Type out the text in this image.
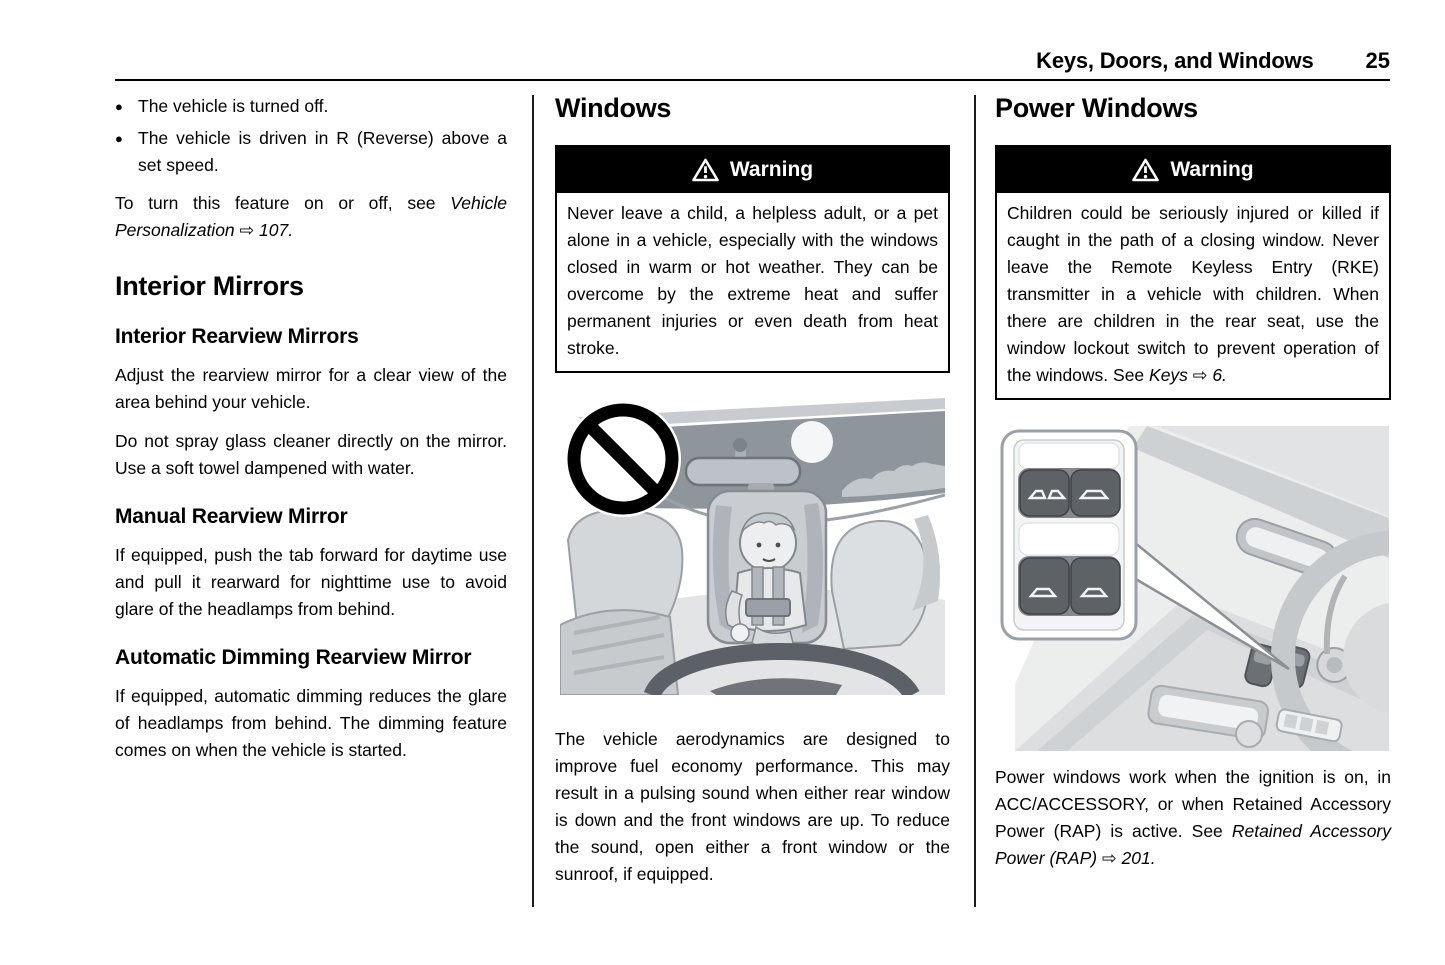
Keys, Doors, and Windows 25
●
The vehicle is turned off.
●
The vehicle is driven in R (Reverse) above a set speed.

To turn this feature on or off, see Vehicle Personalization ⇨ 107.

Interior Mirrors
Interior Rearview Mirrors

Adjust the rearview mirror for a clear view of the area behind your vehicle.

Do not spray glass cleaner directly on the mirror. Use a soft towel dampened with water.

Manual Rearview Mirror

If equipped, push the tab forward for daytime use and pull it rearward for nighttime use to avoid glare of the headlamps from behind.

Automatic Dimming Rearview Mirror

If equipped, automatic dimming reduces the glare of headlamps from behind. The dimming feature comes on when the vehicle is started.

Windows
Warning

Never leave a child, a helpless adult, or a pet alone in a vehicle, especially with the windows closed in warm or hot weather. They can be overcome by the extreme heat and suffer permanent injuries or even death from heat stroke.

The vehicle aerodynamics are designed to improve fuel economy performance. This may result in a pulsing sound when either rear window is down and the front windows are up. To reduce the sound, open either a front window or the sunroof, if equipped.

Power Windows
Warning

Children could be seriously injured or killed if caught in the path of a closing window. Never leave the Remote Keyless Entry (RKE) transmitter in a vehicle with children. When there are children in the rear seat, use the window lockout switch to prevent operation of the windows. See Keys ⇨ 6.

Power windows work when the ignition is on, in ACC/ACCESSORY, or when Retained Accessory Power (RAP) is active. See Retained Accessory Power (RAP) ⇨ 201.
